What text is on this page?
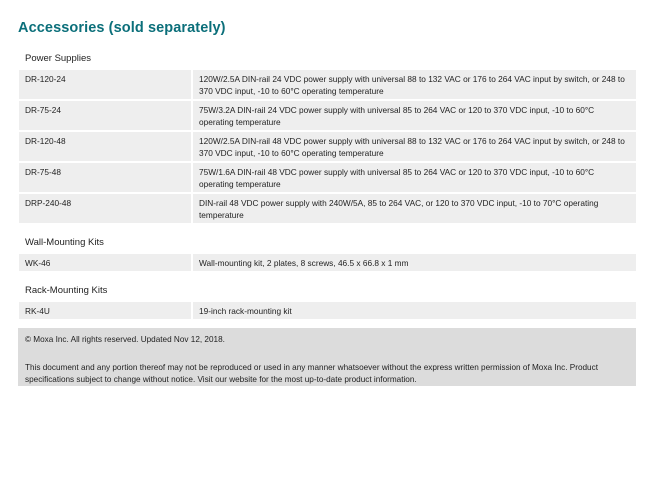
Accessories (sold separately)
Power Supplies
DR-120-24	120W/2.5A DIN-rail 24 VDC power supply with universal 88 to 132 VAC or 176 to 264 VAC input by switch, or 248 to 370 VDC input, -10 to 60°C operating temperature
DR-75-24	75W/3.2A DIN-rail 24 VDC power supply with universal 85 to 264 VAC or 120 to 370 VDC input, -10 to 60°C operating temperature
DR-120-48	120W/2.5A DIN-rail 48 VDC power supply with universal 88 to 132 VAC or 176 to 264 VAC input by switch, or 248 to 370 VDC input, -10 to 60°C operating temperature
DR-75-48	75W/1.6A DIN-rail 48 VDC power supply with universal 85 to 264 VAC or 120 to 370 VDC input, -10 to 60°C operating temperature
DRP-240-48	DIN-rail 48 VDC power supply with 240W/5A, 85 to 264 VAC, or 120 to 370 VDC input, -10 to 70°C operating temperature
Wall-Mounting Kits
WK-46	Wall-mounting kit, 2 plates, 8 screws, 46.5 x 66.8 x 1 mm
Rack-Mounting Kits
RK-4U	19-inch rack-mounting kit
© Moxa Inc. All rights reserved. Updated Nov 12, 2018.
This document and any portion thereof may not be reproduced or used in any manner whatsoever without the express written permission of Moxa Inc. Product specifications subject to change without notice. Visit our website for the most up-to-date product information.
